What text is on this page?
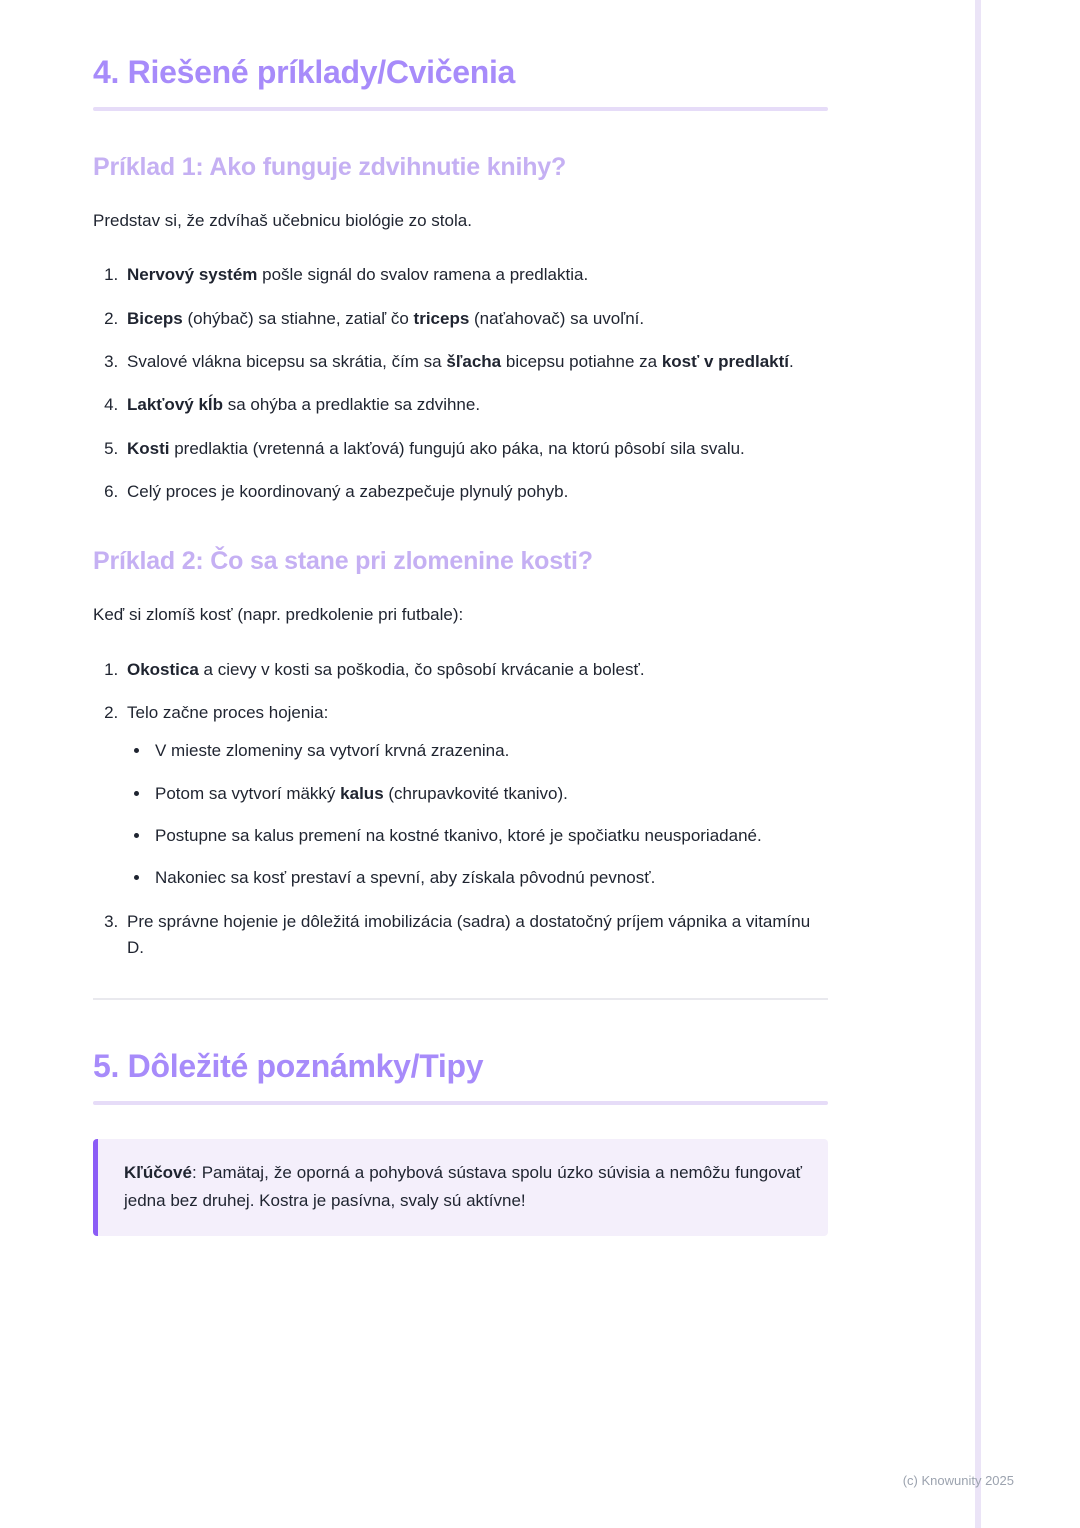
4. Riešené príklady/Cvičenia
Príklad 1: Ako funguje zdvihnutie knihy?

Predstav si, že zdvíhaš učebnicu biológie zo stola.

1. Nervový systém pošle signál do svalov ramena a predlaktia.
2. Biceps (ohýbač) sa stiahne, zatiaľ čo triceps (naťahovač) sa uvoľní.
3. Svalové vlákna bicepsu sa skrátia, čím sa šľacha bicepsu potiahne za kosť v predlaktí.
4. Lakťový kĺb sa ohýba a predlaktie sa zdvihne.
5. Kosti predlaktia (vretenná a lakťová) fungujú ako páka, na ktorú pôsobí sila svalu.
6. Celý proces je koordinovaný a zabezpečuje plynulý pohyb.
Príklad 2: Čo sa stane pri zlomenine kosti?

Keď si zlomíš kosť (napr. predkolenie pri futbale):

1. Okostica a cievy v kosti sa poškodia, čo spôsobí krvácanie a bolesť.
2. Telo začne proces hojenia:
• V mieste zlomeniny sa vytvorí krvná zrazenina.
• Potom sa vytvorí mäkký kalus (chrupavkovité tkanivo).
• Postupne sa kalus premení na kostné tkanivo, ktoré je spočiatku neusporiadané.
• Nakoniec sa kosť prestaví a spevní, aby získala pôvodnú pevnosť.
3. Pre správne hojenie je dôležitá imobilizácia (sadra) a dostatočný príjem vápnika a vitamínu D.
5. Dôležité poznámky/Tipy

Kľúčové: Pamätaj, že oporná a pohybová sústava spolu úzko súvisia a nemôžu fungovať jedna bez druhej. Kostra je pasívna, svaly sú aktívne!

(c) Knowunity 2025
